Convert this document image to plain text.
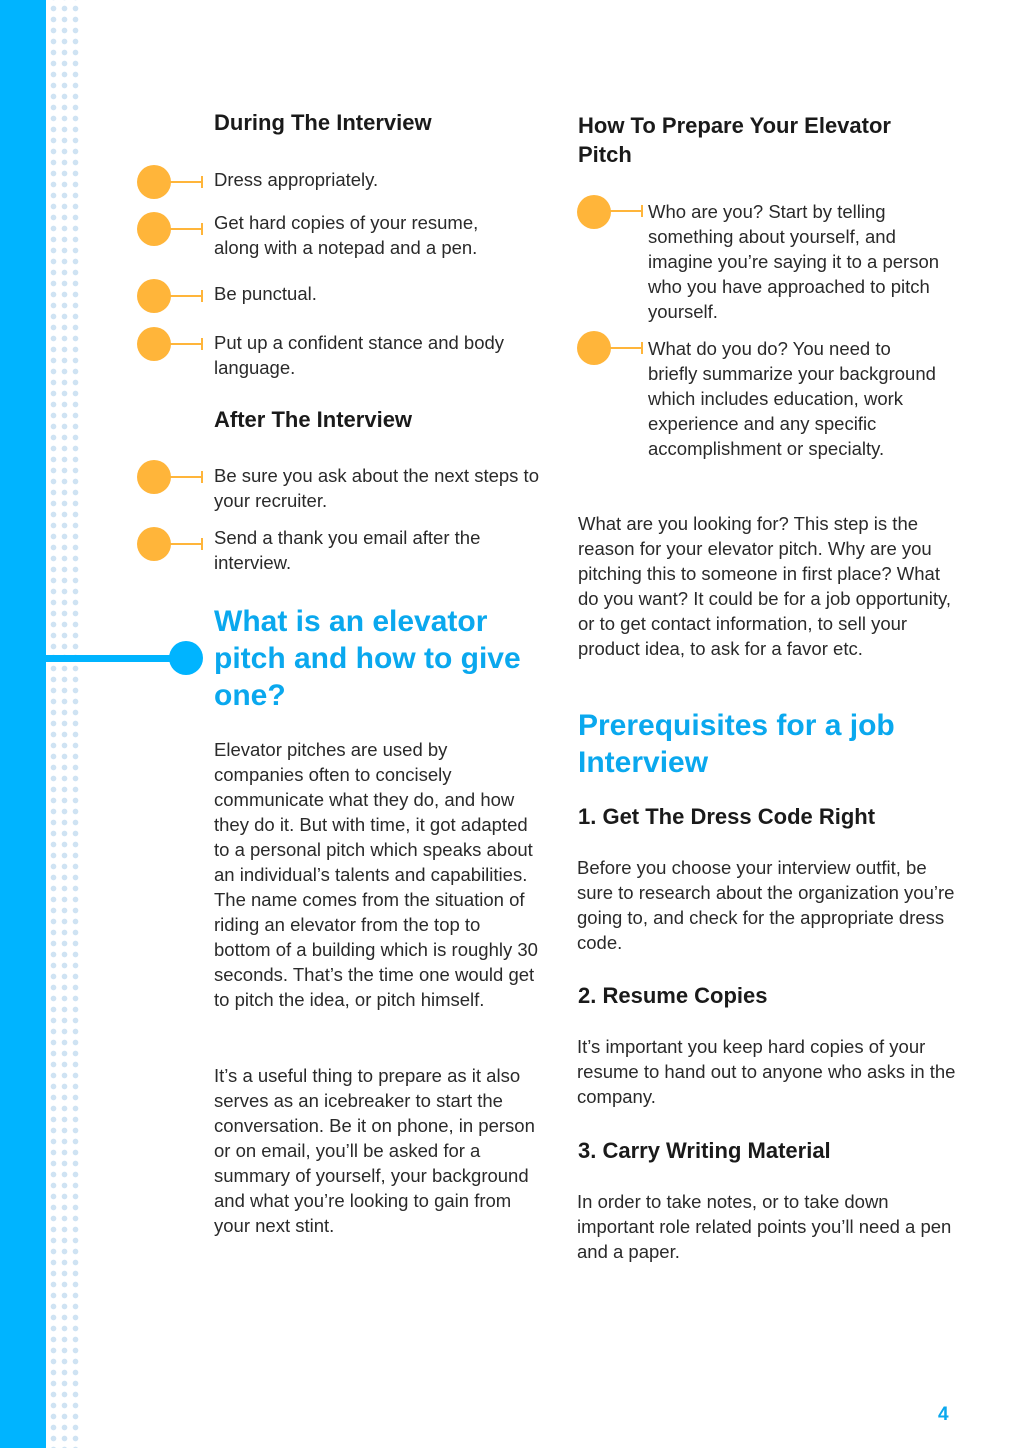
During The Interview

Dress appropriately.

Get hard copies of your resume, along with a notepad and a pen.

Be punctual.

Put up a confident stance and body language.

After The Interview

Be sure you ask about the next steps to your recruiter.

Send a thank you email after the interview.

What is an elevator pitch and how to give one?

Elevator pitches are used by companies often to concisely communicate what they do, and how they do it. But with time, it got adapted to a personal pitch which speaks about an individual’s talents and capabilities. The name comes from the situation of riding an elevator from the top to bottom of a building which is roughly 30 seconds. That’s the time one would get to pitch the idea, or pitch himself.

It’s a useful thing to prepare as it also serves as an icebreaker to start the conversation. Be it on phone, in person or on email, you’ll be asked for a summary of yourself, your background and what you’re looking to gain from your next stint.

How To Prepare Your Elevator Pitch

Who are you? Start by telling something about yourself, and imagine you’re saying it to a person who you have approached to pitch yourself.

What do you do? You need to briefly summarize your background which includes education, work experience and any specific accomplishment or specialty.

What are you looking for? This step is the reason for your elevator pitch. Why are you pitching this to someone in first place? What do you want? It could be for a job opportunity, or to get contact information, to sell your product idea, to ask for a favor etc.

Prerequisites for a job Interview
1. Get The Dress Code Right

Before you choose your interview outfit, be sure to research about the organization you’re going to, and check for the appropriate dress code.

2. Resume Copies

It’s important you keep hard copies of your resume to hand out to anyone who asks in the company.

3. Carry Writing Material

In order to take notes, or to take down important role related points you’ll need a pen and a paper.

4
